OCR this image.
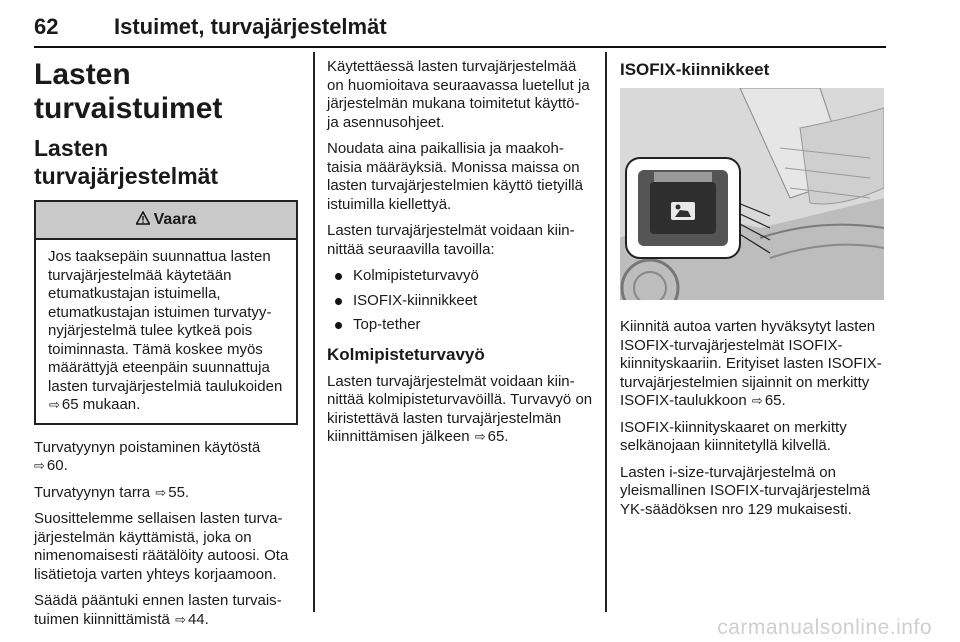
62	Istuimet, turvajärjestelmät
Lasten turvaistuimet
Lasten turvajärjestelmät
Vaara
Jos taaksepäin suunnattua lasten turvajärjestelmää käytetään etumatkustajan istuimella, etumatkustajan istuimen turvatyynyjärjestelmä tulee kytkeä pois toiminnasta. Tämä koskee myös määrättyjä eteenpäin suunnattuja lasten turvajärjestelmiä taulukoiden ⇨ 65 mukaan.

Turvatyynyn poistaminen käytöstä
⇨ 60.

Turvatyynyn tarra ⇨ 55.

Suosittelemme sellaisen lasten turvajärjestelmän käyttämistä, joka on nimenomaisesti räätälöity autoosi. Ota lisätietoja varten yhteys korjaamoon.

Säädä pääntuki ennen lasten turvaistuimen kiinnittämistä ⇨ 44.

Käytettäessä lasten turvajärjestelmää on huomioitava seuraavassa luetellut ja järjestelmän mukana toimitetut käyttö- ja asennusohjeet.

Noudata aina paikallisia ja maakohtaisia määräyksiä. Monissa maissa on lasten turvajärjestelmien käyttö tietyillä istuimilla kiellettyä.

Lasten turvajärjestelmät voidaan kiinnittää seuraavilla tavoilla:

Kolmipisteturvavyö
ISOFIX-kiinnikkeet
Top-tether
Kolmipisteturvavyö

Lasten turvajärjestelmät voidaan kiinnittää kolmipisteturvavöillä. Turvavyö on kiristettävä lasten turvajärjestelmän kiinnittämisen jälkeen ⇨ 65.

ISOFIX-kiinnikkeet

Kiinnitä autoa varten hyväksytyt lasten ISOFIX-turvajärjestelmät ISOFIX-kiinnityskaariin. Erityiset lasten ISOFIX-turvajärjestelmien sijainnit on merkitty ISOFIX-taulukkoon ⇨ 65.

ISOFIX-kiinnityskaaret on merkitty selkänojaan kiinnitetyllä kilvellä.

Lasten i-size-turvajärjestelmä on yleismallinen ISOFIX-turvajärjestelmä YK-säädöksen nro 129 mukaisesti.

carmanualsonline.info
